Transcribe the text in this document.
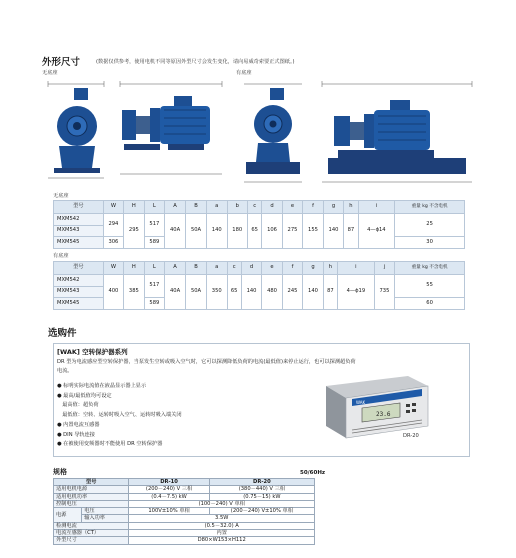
外形尺寸	(数据仅供参考，使用电机不同等原因外型尺寸会发生变化，请向易威奇索要正式图纸。)
无底座	有底座
无底座
型号	W	H	L	A	B	a	b	c	d	e	f	g	h	i	重量 kg 不含电机
MXM542	294	295	517	40A	50A	140	180	65	106	275	155	140	87	4—ϕ14	25
MXM543															
MXM545	306		589												30
有底座
型号	W	H	L	A	B	a	c	d	e	f	g	h	i	j	重量 kg 不含电机
MXM542	400	385	517	40A	50A	350	65	140	480	245	140	87	4—ϕ19	735	55
MXM543															
MXM545			589												60
选购件
[WAK] 空转保护器系列
DR 型为电流感应型空转保护器，当泵发生空转或吸入空气时，它可以探测降低负荷的电流(最低值)来停止运行，也可以探测超负荷电流。
● 标明实际电流值在液晶显示器上显示
● 最高/最低值均可设定
　最高值：超负荷
　最低值：空转、运转时吸入空气、运转时吸入端关闭
● 内置电流互感器
● DIN 导轨连接
● 在被使用变频器时不能使用 DR 空转保护器
23.6
WAK
DR-20
规格	50/60Hz
型号		DR-10	DR-20
适用电机电源		(200－240) V 三相	(380－440) V 三相
适用电机功率		(0.4－7.5) kW	(0.75－15) kW
控制电压		(100－240) V 单相	
电源	电压	100V±10% 单相	(200－240) V±10% 单相
	输入功率	3.5W	
检测电流		(0.5－32.0) A	
电流互感器（CT）		内置	
外型尺寸		D80×W153×H112	
